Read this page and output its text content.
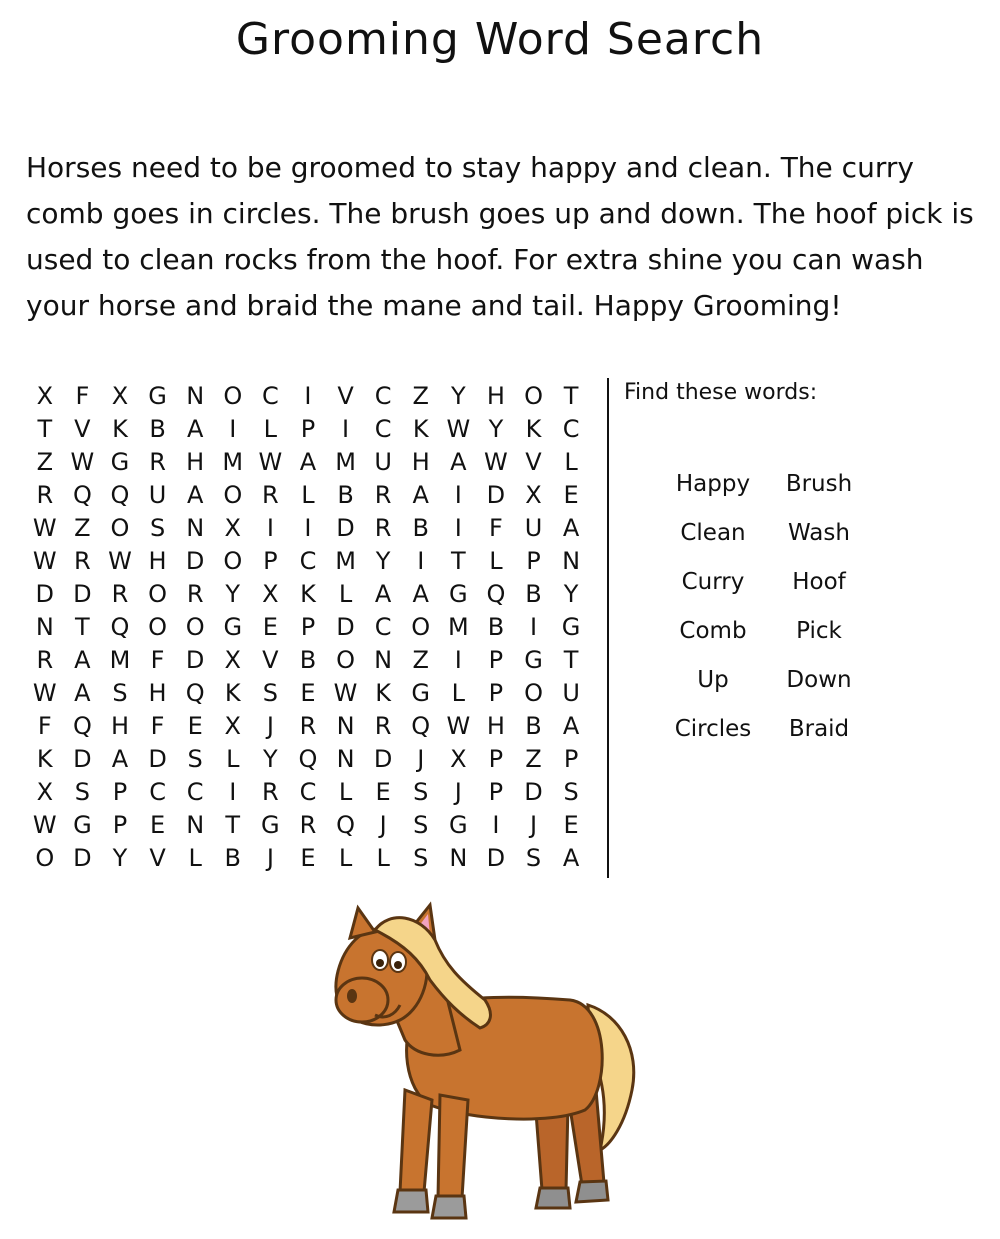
Grooming Word Search

Horses need to be groomed to stay happy and clean. The curry comb goes in circles. The brush goes up and down. The hoof pick is used to clean rocks from the hoof. For extra shine you can wash your horse and braid the mane and tail. Happy Grooming!

X F X G N O C	I	V C Z Y H O T
T V K B A	I	L P	I	C K W Y K C
Z W G R H M W A M U H A W V L
R Q Q U A O R L B R A	I	D X E
W Z O S N X	I	I	D R B	I	F U A
W R W H D O P C M Y	I	T L P N
D D R O R Y X K L A A G Q B Y
N T Q O O G E P D C O M B	I	G
R A M F D X V B O N Z	I	P G T
W A S H Q K S E W K G L P O U
F Q H F E X	J	R N R Q W H B A
K D A D S L Y Q N D	J	X P Z P
X S P C C	I	R C L E S	J	P D S
W G P E N T G R Q	J	S G	I	J	E
O D Y V L B	J	E L	L S N D S A
Find these words:
Happy	Brush
Clean	Wash
Curry	Hoof
Comb	Pick
Up	Down
Circles	Braid
